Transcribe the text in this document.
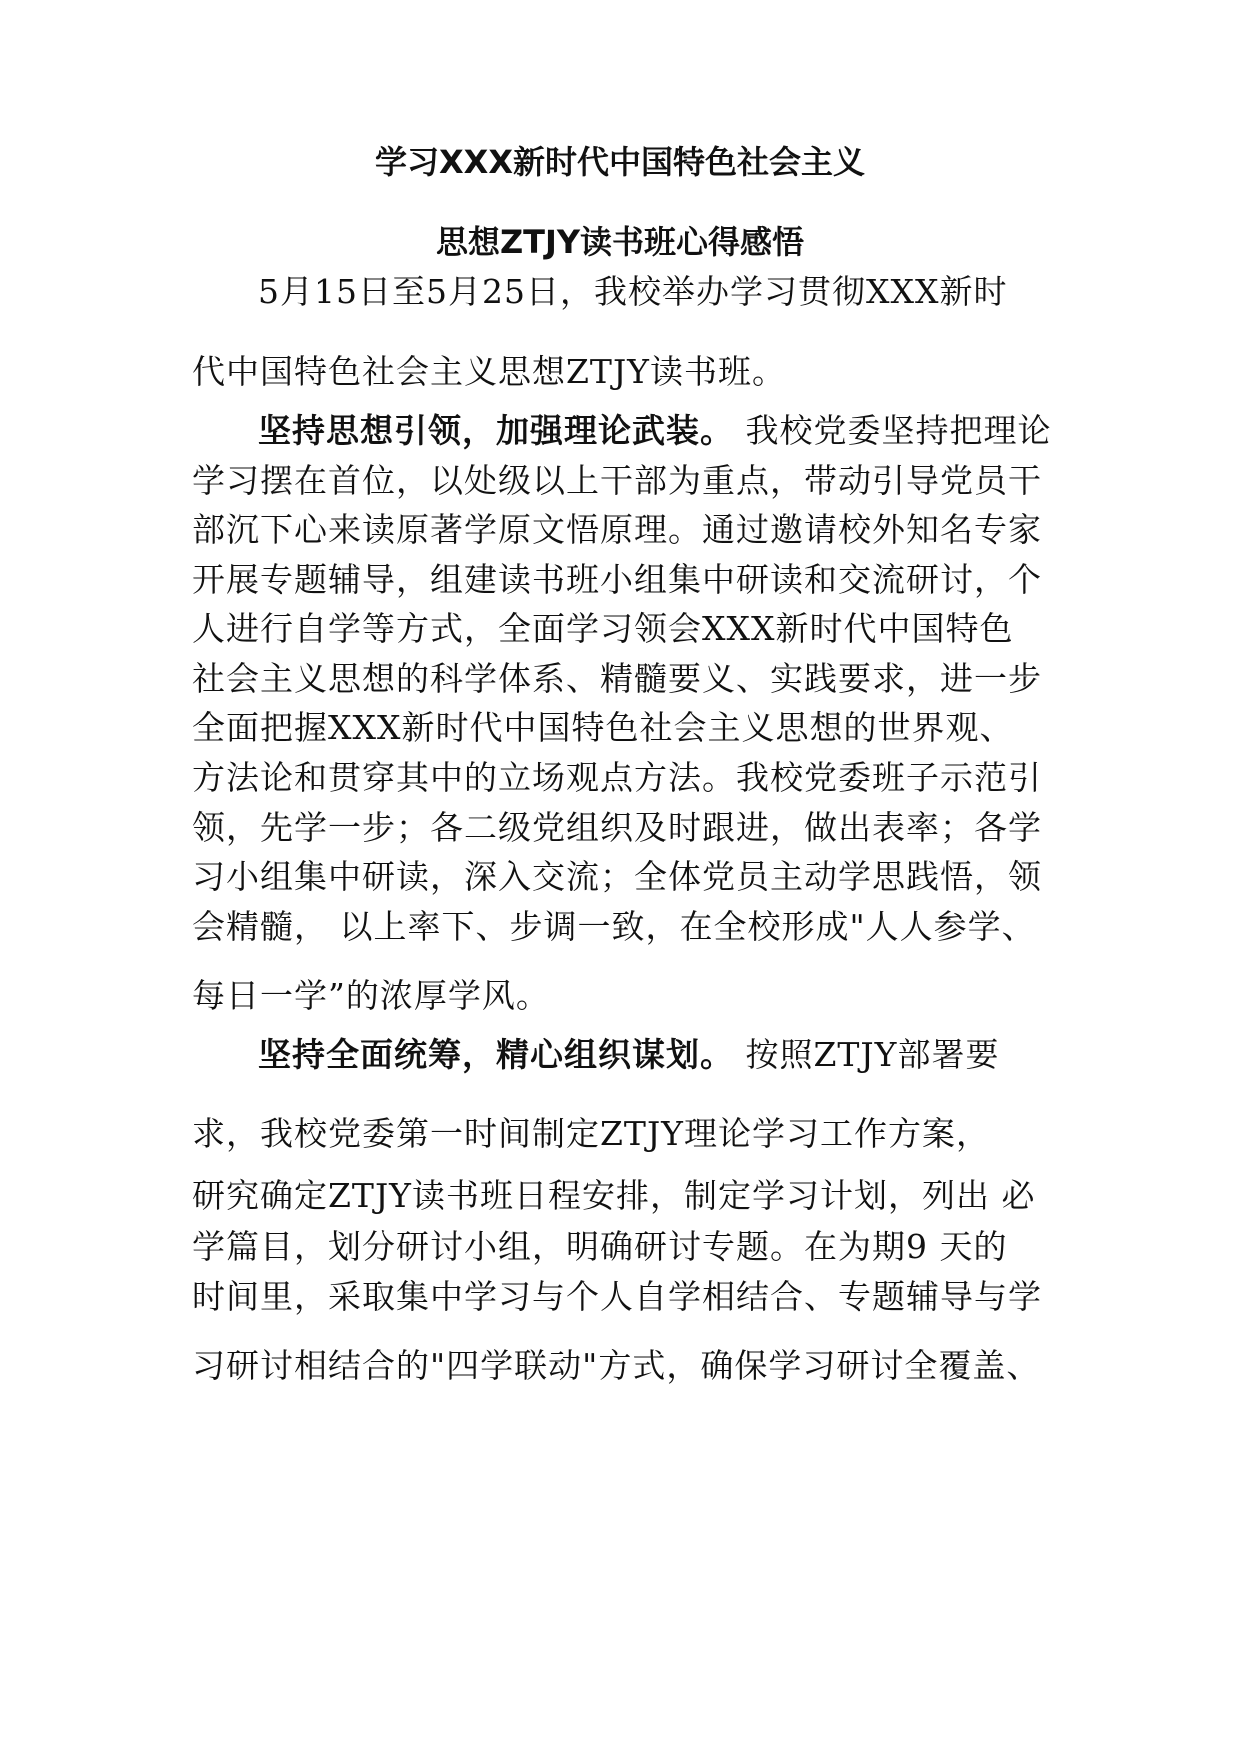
学习XXX新时代中国特色社会主义
思想ZTJY读书班心得感悟

5月15日至5月25日，我校举办学习贯彻XXX新时

代中国特色社会主义思想ZTJY读书班。

坚持思想引领，加强理论武装。 我校党委坚持把理论

学习摆在首位，以处级以上干部为重点，带动引导党员干

部沉下心来读原著学原文悟原理。通过邀请校外知名专家

开展专题辅导，组建读书班小组集中研读和交流研讨，个

人进行自学等方式，全面学习领会XXX新时代中国特色

社会主义思想的科学体系、精髓要义、实践要求，进一步

全面把握XXX新时代中国特色社会主义思想的世界观、

方法论和贯穿其中的立场观点方法。我校党委班子示范引

领，先学一步；各二级党组织及时跟进，做出表率；各学

习小组集中研读，深入交流；全体党员主动学思践悟，领

会精髓， 以上率下、步调一致，在全校形成"人人参学、

每日一学”的浓厚学风。

坚持全面统筹，精心组织谋划。 按照ZTJY部署要

求，我校党委第一时间制定ZTJY理论学习工作方案，

研究确定ZTJY读书班日程安排，制定学习计划，列出 必

学篇目，划分研讨小组，明确研讨专题。在为期9 天的

时间里，采取集中学习与个人自学相结合、专题辅导与学

习研讨相结合的"四学联动"方式，确保学习研讨全覆盖、
